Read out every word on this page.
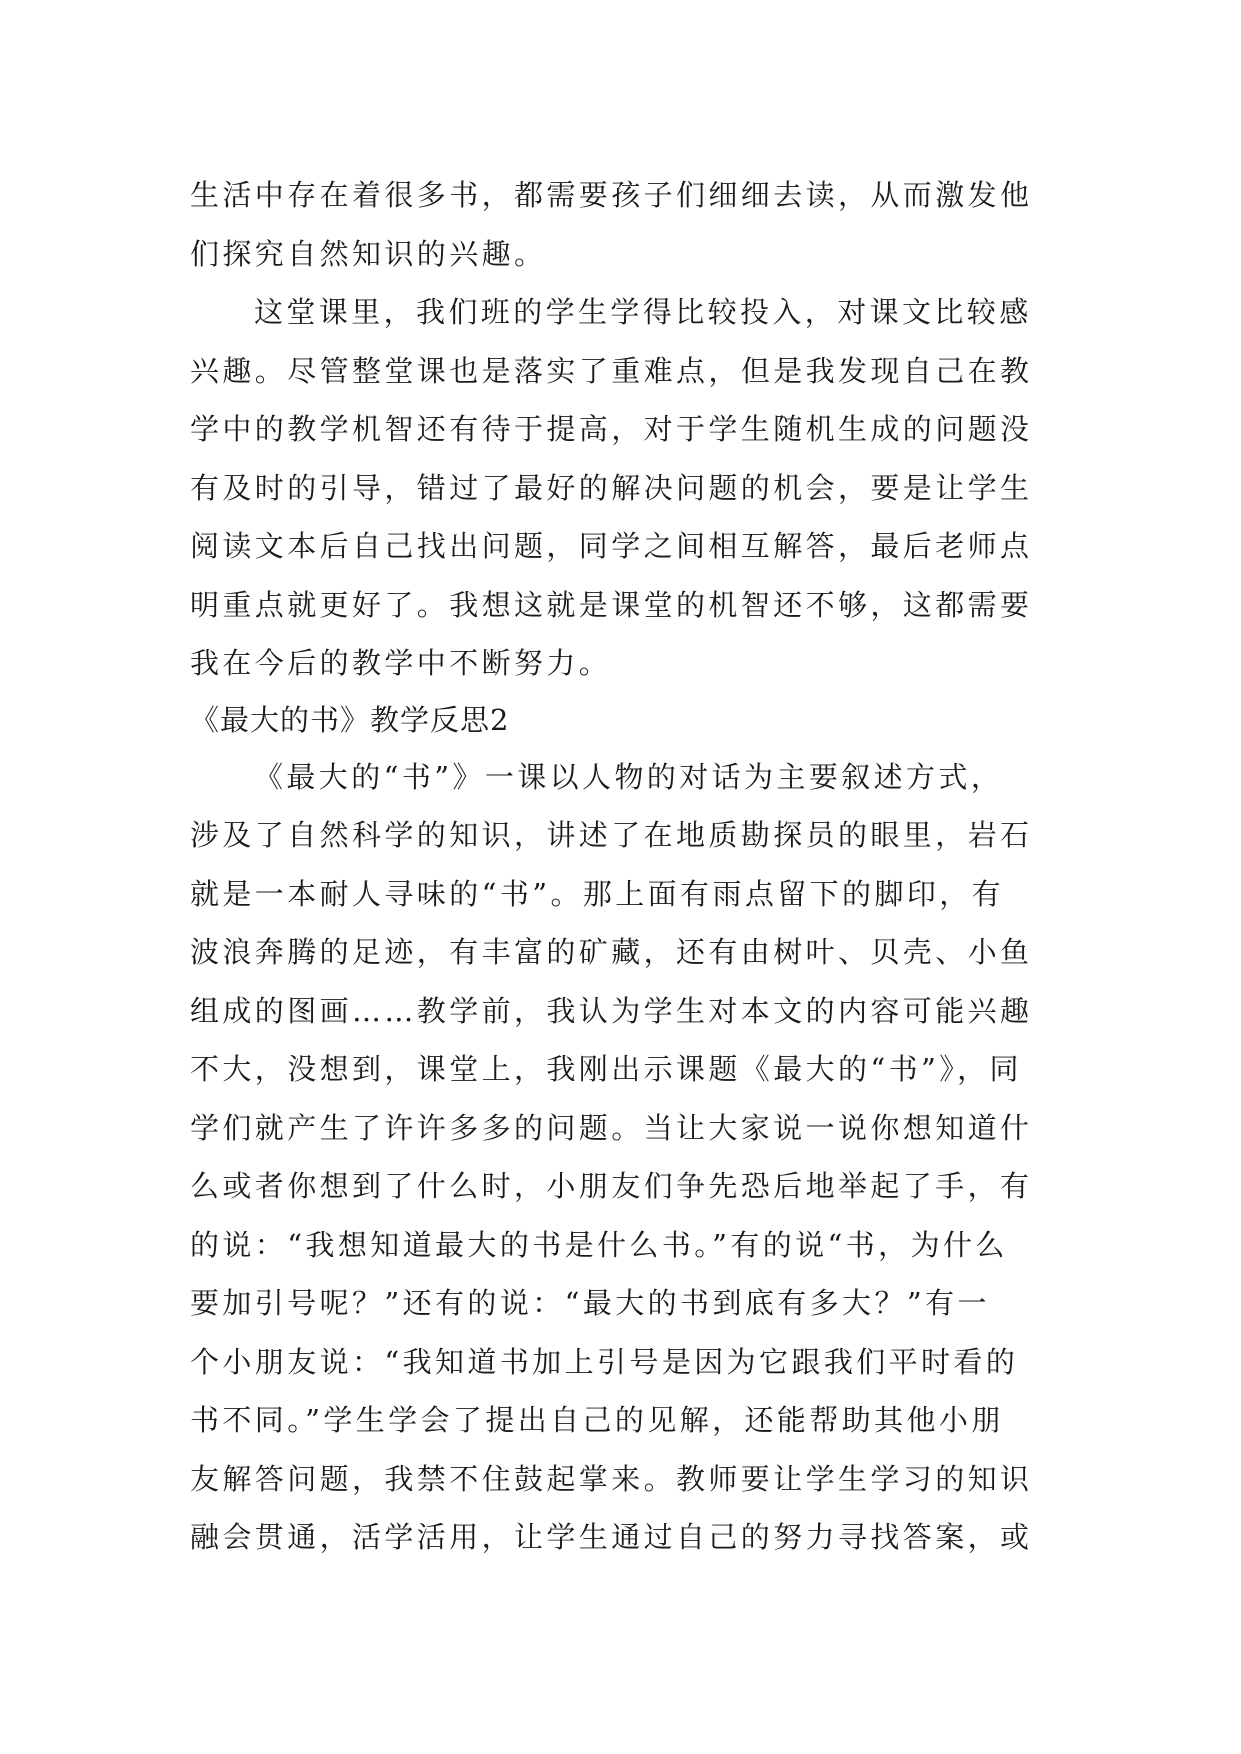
生活中存在着很多书，都需要孩子们细细去读，从而激发他
们探究自然知识的兴趣。
这堂课里，我们班的学生学得比较投入，对课文比较感
兴趣。尽管整堂课也是落实了重难点，但是我发现自己在教
学中的教学机智还有待于提高，对于学生随机生成的问题没
有及时的引导，错过了最好的解决问题的机会，要是让学生
阅读文本后自己找出问题，同学之间相互解答，最后老师点
明重点就更好了。我想这就是课堂的机智还不够，这都需要
我在今后的教学中不断努力。
《最大的书》教学反思2
《最大的“书”》一课以人物的对话为主要叙述方式，
涉及了自然科学的知识，讲述了在地质勘探员的眼里，岩石
就是一本耐人寻味的“书”。那上面有雨点留下的脚印，有
波浪奔腾的足迹，有丰富的矿藏，还有由树叶、贝壳、小鱼
组成的图画……教学前，我认为学生对本文的内容可能兴趣
不大，没想到，课堂上，我刚出示课题《最大的“书”》，同
学们就产生了许许多多的问题。当让大家说一说你想知道什
么或者你想到了什么时，小朋友们争先恐后地举起了手，有
的说：“我想知道最大的书是什么书。”有的说“书，为什么
要加引号呢？”还有的说：“最大的书到底有多大？”有一
个小朋友说：“我知道书加上引号是因为它跟我们平时看的
书不同。”学生学会了提出自己的见解，还能帮助其他小朋
友解答问题，我禁不住鼓起掌来。教师要让学生学习的知识
融会贯通，活学活用，让学生通过自己的努力寻找答案，或
